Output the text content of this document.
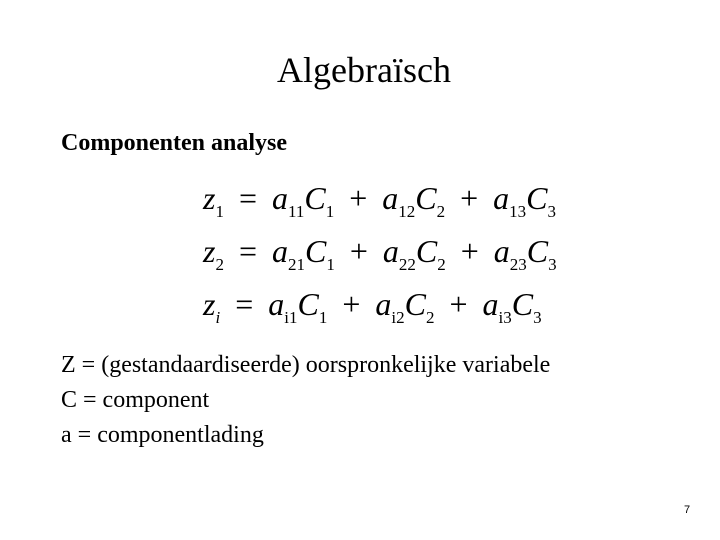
Algebraïsch
Componenten analyse
$z_1 = a_{11}C_1 + a_{12}C_2 + a_{13}C_3$
$z_2 = a_{21}C_1 + a_{22}C_2 + a_{23}C_3$
$z_i = a_{i1}C_1 + a_{i2}C_2 + a_{i3}C_3$
Z = (gestandaardiseerde) oorspronkelijke variabele
C = component
a = componentlading
7
